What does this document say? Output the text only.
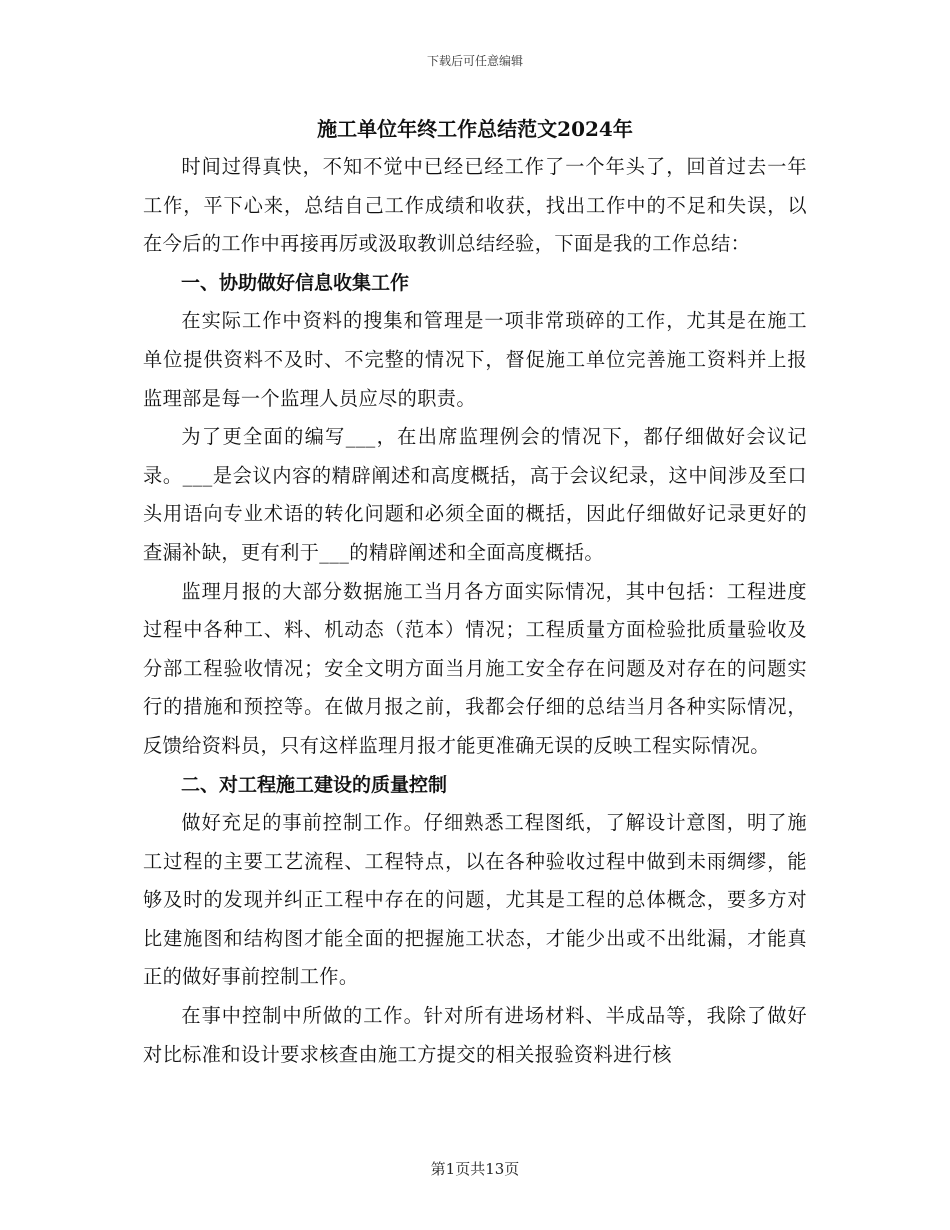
下载后可任意编辑
施工单位年终工作总结范文2024年

时间过得真快，不知不觉中已经已经工作了一个年头了，回首过去一年工作，平下心来，总结自己工作成绩和收获，找出工作中的不足和失误，以在今后的工作中再接再厉或汲取教训总结经验，下面是我的工作总结：

一、协助做好信息收集工作

在实际工作中资料的搜集和管理是一项非常琐碎的工作，尤其是在施工单位提供资料不及时、不完整的情况下，督促施工单位完善施工资料并上报监理部是每一个监理人员应尽的职责。

为了更全面的编写___，在出席监理例会的情况下，都仔细做好会议记录。___是会议内容的精辟阐述和高度概括，高于会议纪录，这中间涉及至口头用语向专业术语的转化问题和必须全面的概括，因此仔细做好记录更好的查漏补缺，更有利于___的精辟阐述和全面高度概括。

监理月报的大部分数据施工当月各方面实际情况，其中包括：工程进度过程中各种工、料、机动态（范本）情况；工程质量方面检验批质量验收及分部工程验收情况；安全文明方面当月施工安全存在问题及对存在的问题实行的措施和预控等。在做月报之前，我都会仔细的总结当月各种实际情况，反馈给资料员，只有这样监理月报才能更准确无误的反映工程实际情况。

二、对工程施工建设的质量控制

做好充足的事前控制工作。仔细熟悉工程图纸，了解设计意图，明了施工过程的主要工艺流程、工程特点，以在各种验收过程中做到未雨绸缪，能够及时的发现并纠正工程中存在的问题，尤其是工程的总体概念，要多方对比建施图和结构图才能全面的把握施工状态，才能少出或不出纰漏，才能真正的做好事前控制工作。

在事中控制中所做的工作。针对所有进场材料、半成品等，我除了做好对比标准和设计要求核查由施工方提交的相关报验资料进行核

第1页共13页
